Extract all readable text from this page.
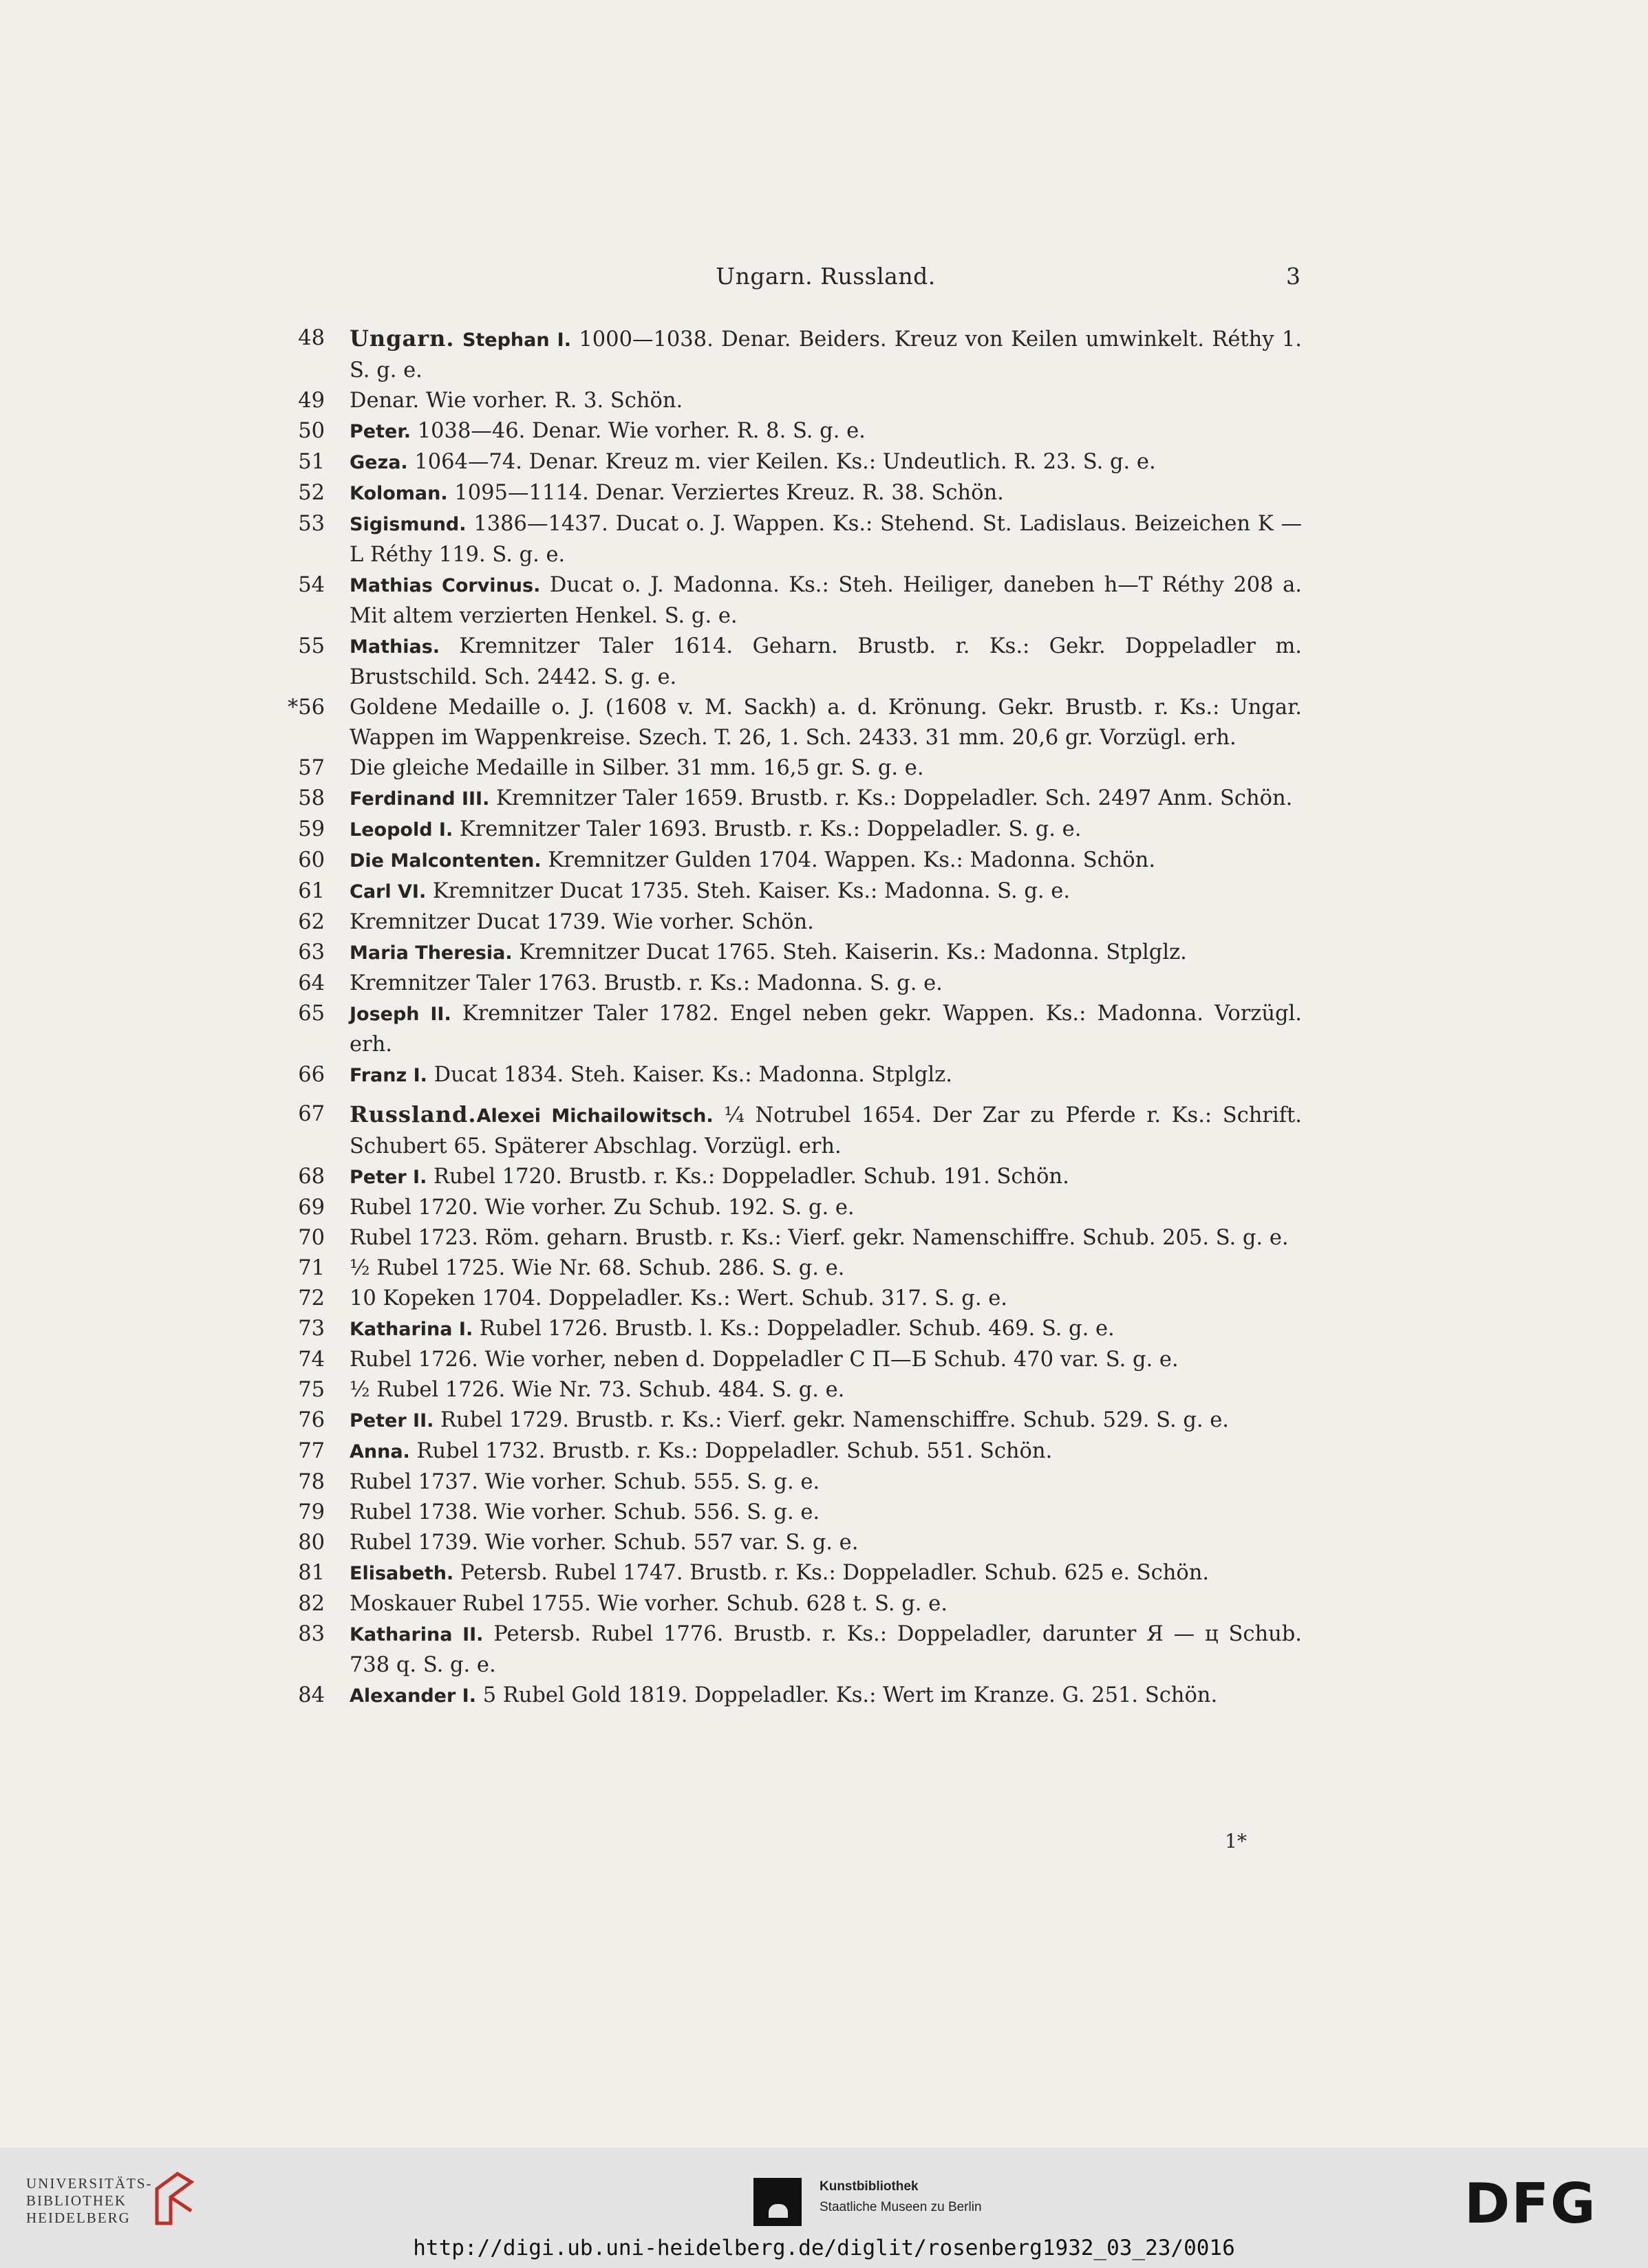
Ungarn. Russland.	3
48 Ungarn. Stephan I. 1000—1038. Denar. Beiders. Kreuz von Keilen umwinkelt. Réthy 1. S. g. e.
49 Denar. Wie vorher. R. 3. Schön.
50 Peter. 1038—46. Denar. Wie vorher. R. 8. S. g. e.
51 Geza. 1064—74. Denar. Kreuz m. vier Keilen. Ks.: Undeutlich. R. 23. S. g. e.
52 Koloman. 1095—1114. Denar. Verziertes Kreuz. R. 38. Schön.
53 Sigismund. 1386—1437. Ducat o. J. Wappen. Ks.: Stehend. St. Ladislaus. Beizeichen K — L Réthy 119. S. g. e.
54 Mathias Corvinus. Ducat o. J. Madonna. Ks.: Steh. Heiliger, daneben h—T Réthy 208 a. Mit altem verzierten Henkel. S. g. e.
55 Mathias. Kremnitzer Taler 1614. Geharn. Brustb. r. Ks.: Gekr. Doppeladler m. Brustschild. Sch. 2442. S. g. e.
*56 Goldene Medaille o. J. (1608 v. M. Sackh) a. d. Krönung. Gekr. Brustb. r. Ks.: Ungar. Wappen im Wappenkreise. Szech. T. 26, 1. Sch. 2433. 31 mm. 20,6 gr. Vorzügl. erh.
57 Die gleiche Medaille in Silber. 31 mm. 16,5 gr. S. g. e.
58 Ferdinand III. Kremnitzer Taler 1659. Brustb. r. Ks.: Doppeladler. Sch. 2497 Anm. Schön.
59 Leopold I. Kremnitzer Taler 1693. Brustb. r. Ks.: Doppeladler. S. g. e.
60 Die Malcontenten. Kremnitzer Gulden 1704. Wappen. Ks.: Madonna. Schön.
61 Carl VI. Kremnitzer Ducat 1735. Steh. Kaiser. Ks.: Madonna. S. g. e.
62 Kremnitzer Ducat 1739. Wie vorher. Schön.
63 Maria Theresia. Kremnitzer Ducat 1765. Steh. Kaiserin. Ks.: Madonna. Stplglz.
64 Kremnitzer Taler 1763. Brustb. r. Ks.: Madonna. S. g. e.
65 Joseph II. Kremnitzer Taler 1782. Engel neben gekr. Wappen. Ks.: Madonna. Vorzügl. erh.
66 Franz I. Ducat 1834. Steh. Kaiser. Ks.: Madonna. Stplglz.
67 Russland.Alexei Michailowitsch. ¼ Notrubel 1654. Der Zar zu Pferde r. Ks.: Schrift. Schubert 65. Späterer Abschlag. Vorzügl. erh.
68 Peter I. Rubel 1720. Brustb. r. Ks.: Doppeladler. Schub. 191. Schön.
69 Rubel 1720. Wie vorher. Zu Schub. 192. S. g. e.
70 Rubel 1723. Röm. geharn. Brustb. r. Ks.: Vierf. gekr. Namenschiffre. Schub. 205. S. g. e.
71 ½ Rubel 1725. Wie Nr. 68. Schub. 286. S. g. e.
72 10 Kopeken 1704. Doppeladler. Ks.: Wert. Schub. 317. S. g. e.
73 Katharina I. Rubel 1726. Brustb. l. Ks.: Doppeladler. Schub. 469. S. g. e.
74 Rubel 1726. Wie vorher, neben d. Doppeladler C П—Б Schub. 470 var. S. g. e.
75 ½ Rubel 1726. Wie Nr. 73. Schub. 484. S. g. e.
76 Peter II. Rubel 1729. Brustb. r. Ks.: Vierf. gekr. Namenschiffre. Schub. 529. S. g. e.
77 Anna. Rubel 1732. Brustb. r. Ks.: Doppeladler. Schub. 551. Schön.
78 Rubel 1737. Wie vorher. Schub. 555. S. g. e.
79 Rubel 1738. Wie vorher. Schub. 556. S. g. e.
80 Rubel 1739. Wie vorher. Schub. 557 var. S. g. e.
81 Elisabeth. Petersb. Rubel 1747. Brustb. r. Ks.: Doppeladler. Schub. 625 e. Schön.
82 Moskauer Rubel 1755. Wie vorher. Schub. 628 t. S. g. e.
83 Katharina II. Petersb. Rubel 1776. Brustb. r. Ks.: Doppeladler, darunter Я — ц Schub. 738 q. S. g. e.
84 Alexander I. 5 Rubel Gold 1819. Doppeladler. Ks.: Wert im Kranze. G. 251. Schön.
1*
UNIVERSITÄTS-
BIBLIOTHEK
HEIDELBERG
Kunstbibliothek
Staatliche Museen zu Berlin	DFG
http://digi.ub.uni-heidelberg.de/diglit/rosenberg1932_03_23/0016
